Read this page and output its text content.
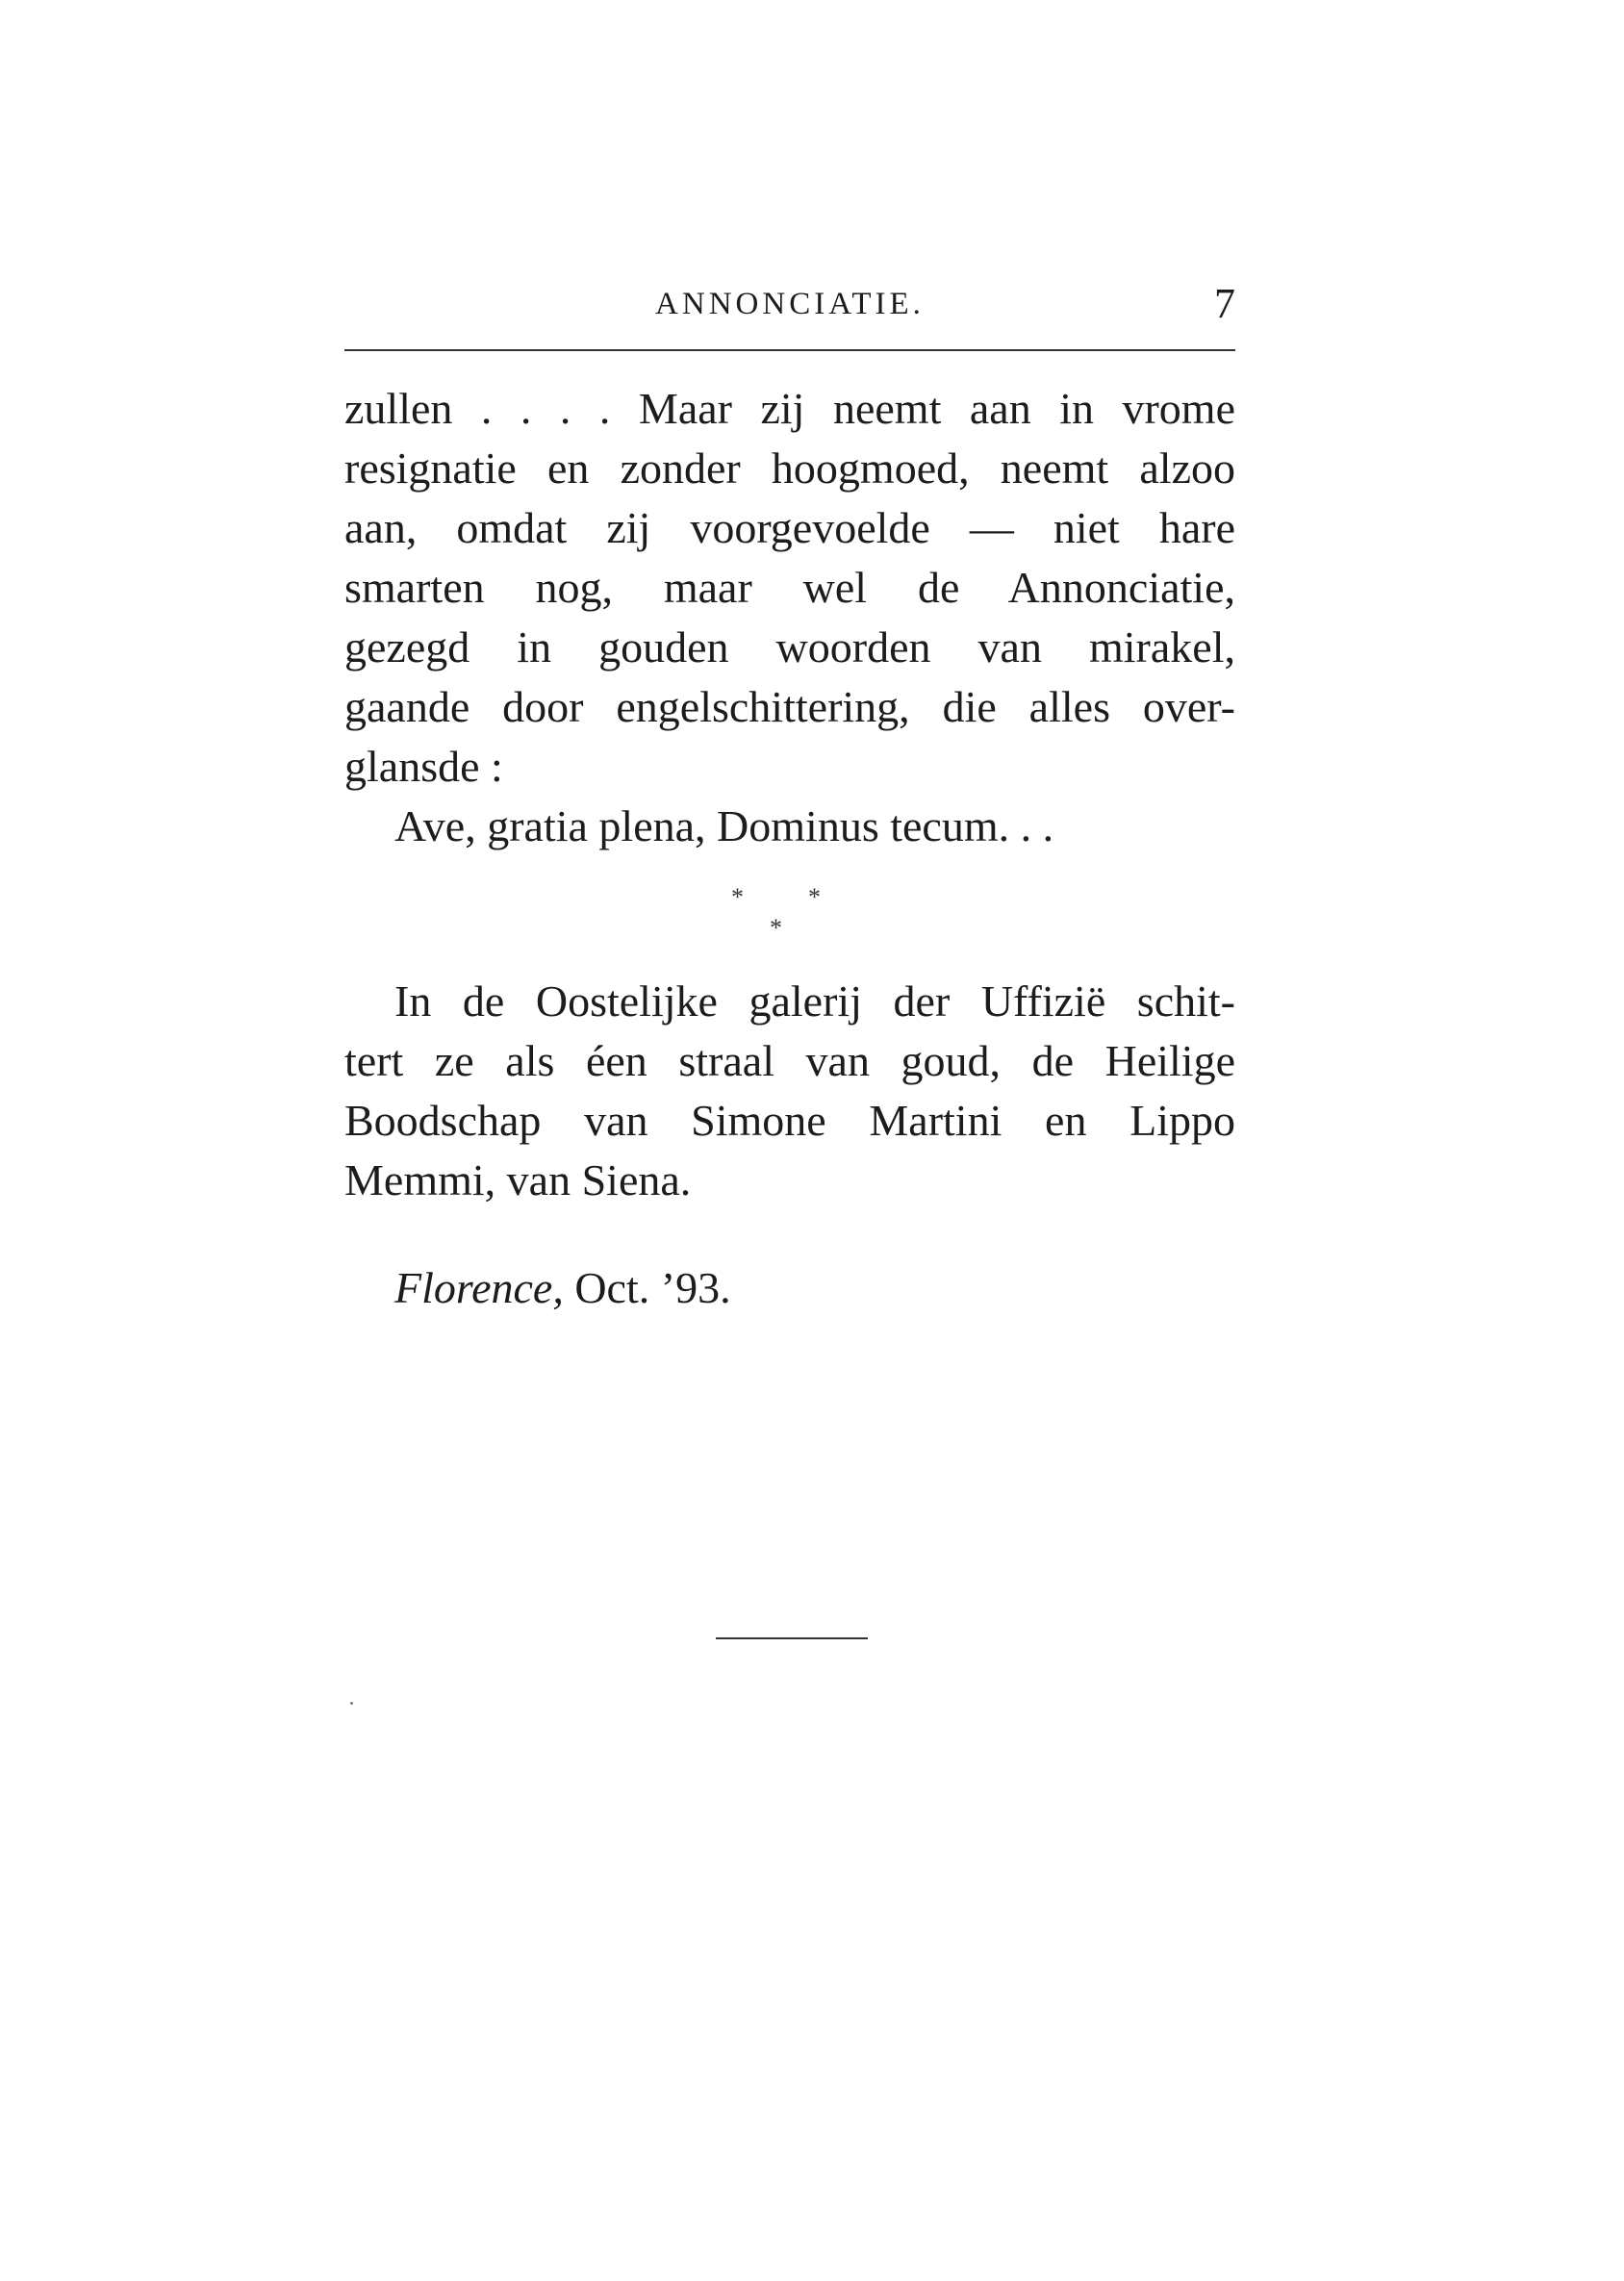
ANNONCIATIE.	7
zullen . . . . Maar zij neemt aan in vrome
resignatie en zonder hoogmoed, neemt alzoo
aan, omdat zij voorgevoelde — niet hare
smarten nog, maar wel de Annonciatie,
gezegd in gouden woorden van mirakel,
gaande door engelschittering, die alles over-
glansde :
Ave, gratia plena, Dominus tecum. . .
*	*
*
In de Oostelijke galerij der Uffizië schit-
tert ze als éen straal van goud, de Heilige
Boodschap van Simone Martini en Lippo
Memmi, van Siena.
Florence, Oct. ’93.
